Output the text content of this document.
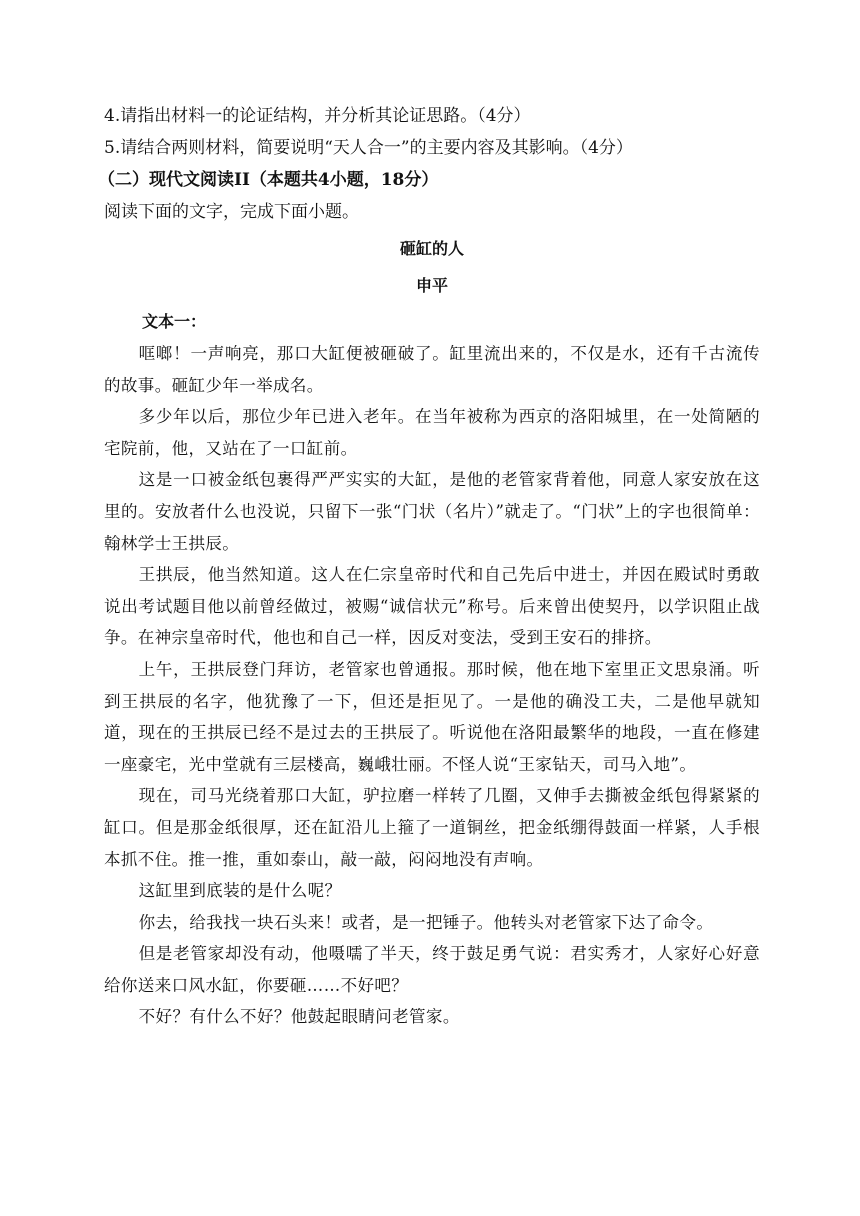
4.请指出材料一的论证结构，并分析其论证思路。（4分）
5.请结合两则材料，简要说明“天人合一”的主要内容及其影响。（4分）
（二）现代文阅读II（本题共4小题，18分）
阅读下面的文字，完成下面小题。
砸缸的人
申平
文本一：

哐啷！一声响亮，那口大缸便被砸破了。缸里流出来的，不仅是水，还有千古流传的故事。砸缸少年一举成名。

多少年以后，那位少年已进入老年。在当年被称为西京的洛阳城里，在一处简陋的宅院前，他，又站在了一口缸前。

这是一口被金纸包裹得严严实实的大缸，是他的老管家背着他，同意人家安放在这里的。安放者什么也没说，只留下一张“门状（名片）”就走了。“门状”上的字也很简单：翰林学士王拱辰。

王拱辰，他当然知道。这人在仁宗皇帝时代和自己先后中进士，并因在殿试时勇敢说出考试题目他以前曾经做过，被赐“诚信状元”称号。后来曾出使契丹，以学识阻止战争。在神宗皇帝时代，他也和自己一样，因反对变法，受到王安石的排挤。

上午，王拱辰登门拜访，老管家也曾通报。那时候，他在地下室里正文思泉涌。听到王拱辰的名字，他犹豫了一下，但还是拒见了。一是他的确没工夫，二是他早就知道，现在的王拱辰已经不是过去的王拱辰了。听说他在洛阳最繁华的地段，一直在修建一座豪宅，光中堂就有三层楼高，巍峨壮丽。不怪人说“王家钻天，司马入地”。

现在，司马光绕着那口大缸，驴拉磨一样转了几圈，又伸手去撕被金纸包得紧紧的缸口。但是那金纸很厚，还在缸沿儿上箍了一道铜丝，把金纸绷得鼓面一样紧，人手根本抓不住。推一推，重如泰山，敲一敲，闷闷地没有声响。

这缸里到底装的是什么呢？

你去，给我找一块石头来！或者，是一把锤子。他转头对老管家下达了命令。

但是老管家却没有动，他嗫嚅了半天，终于鼓足勇气说：君实秀才，人家好心好意给你送来口风水缸，你要砸……不好吧？

不好？有什么不好？他鼓起眼睛问老管家。
